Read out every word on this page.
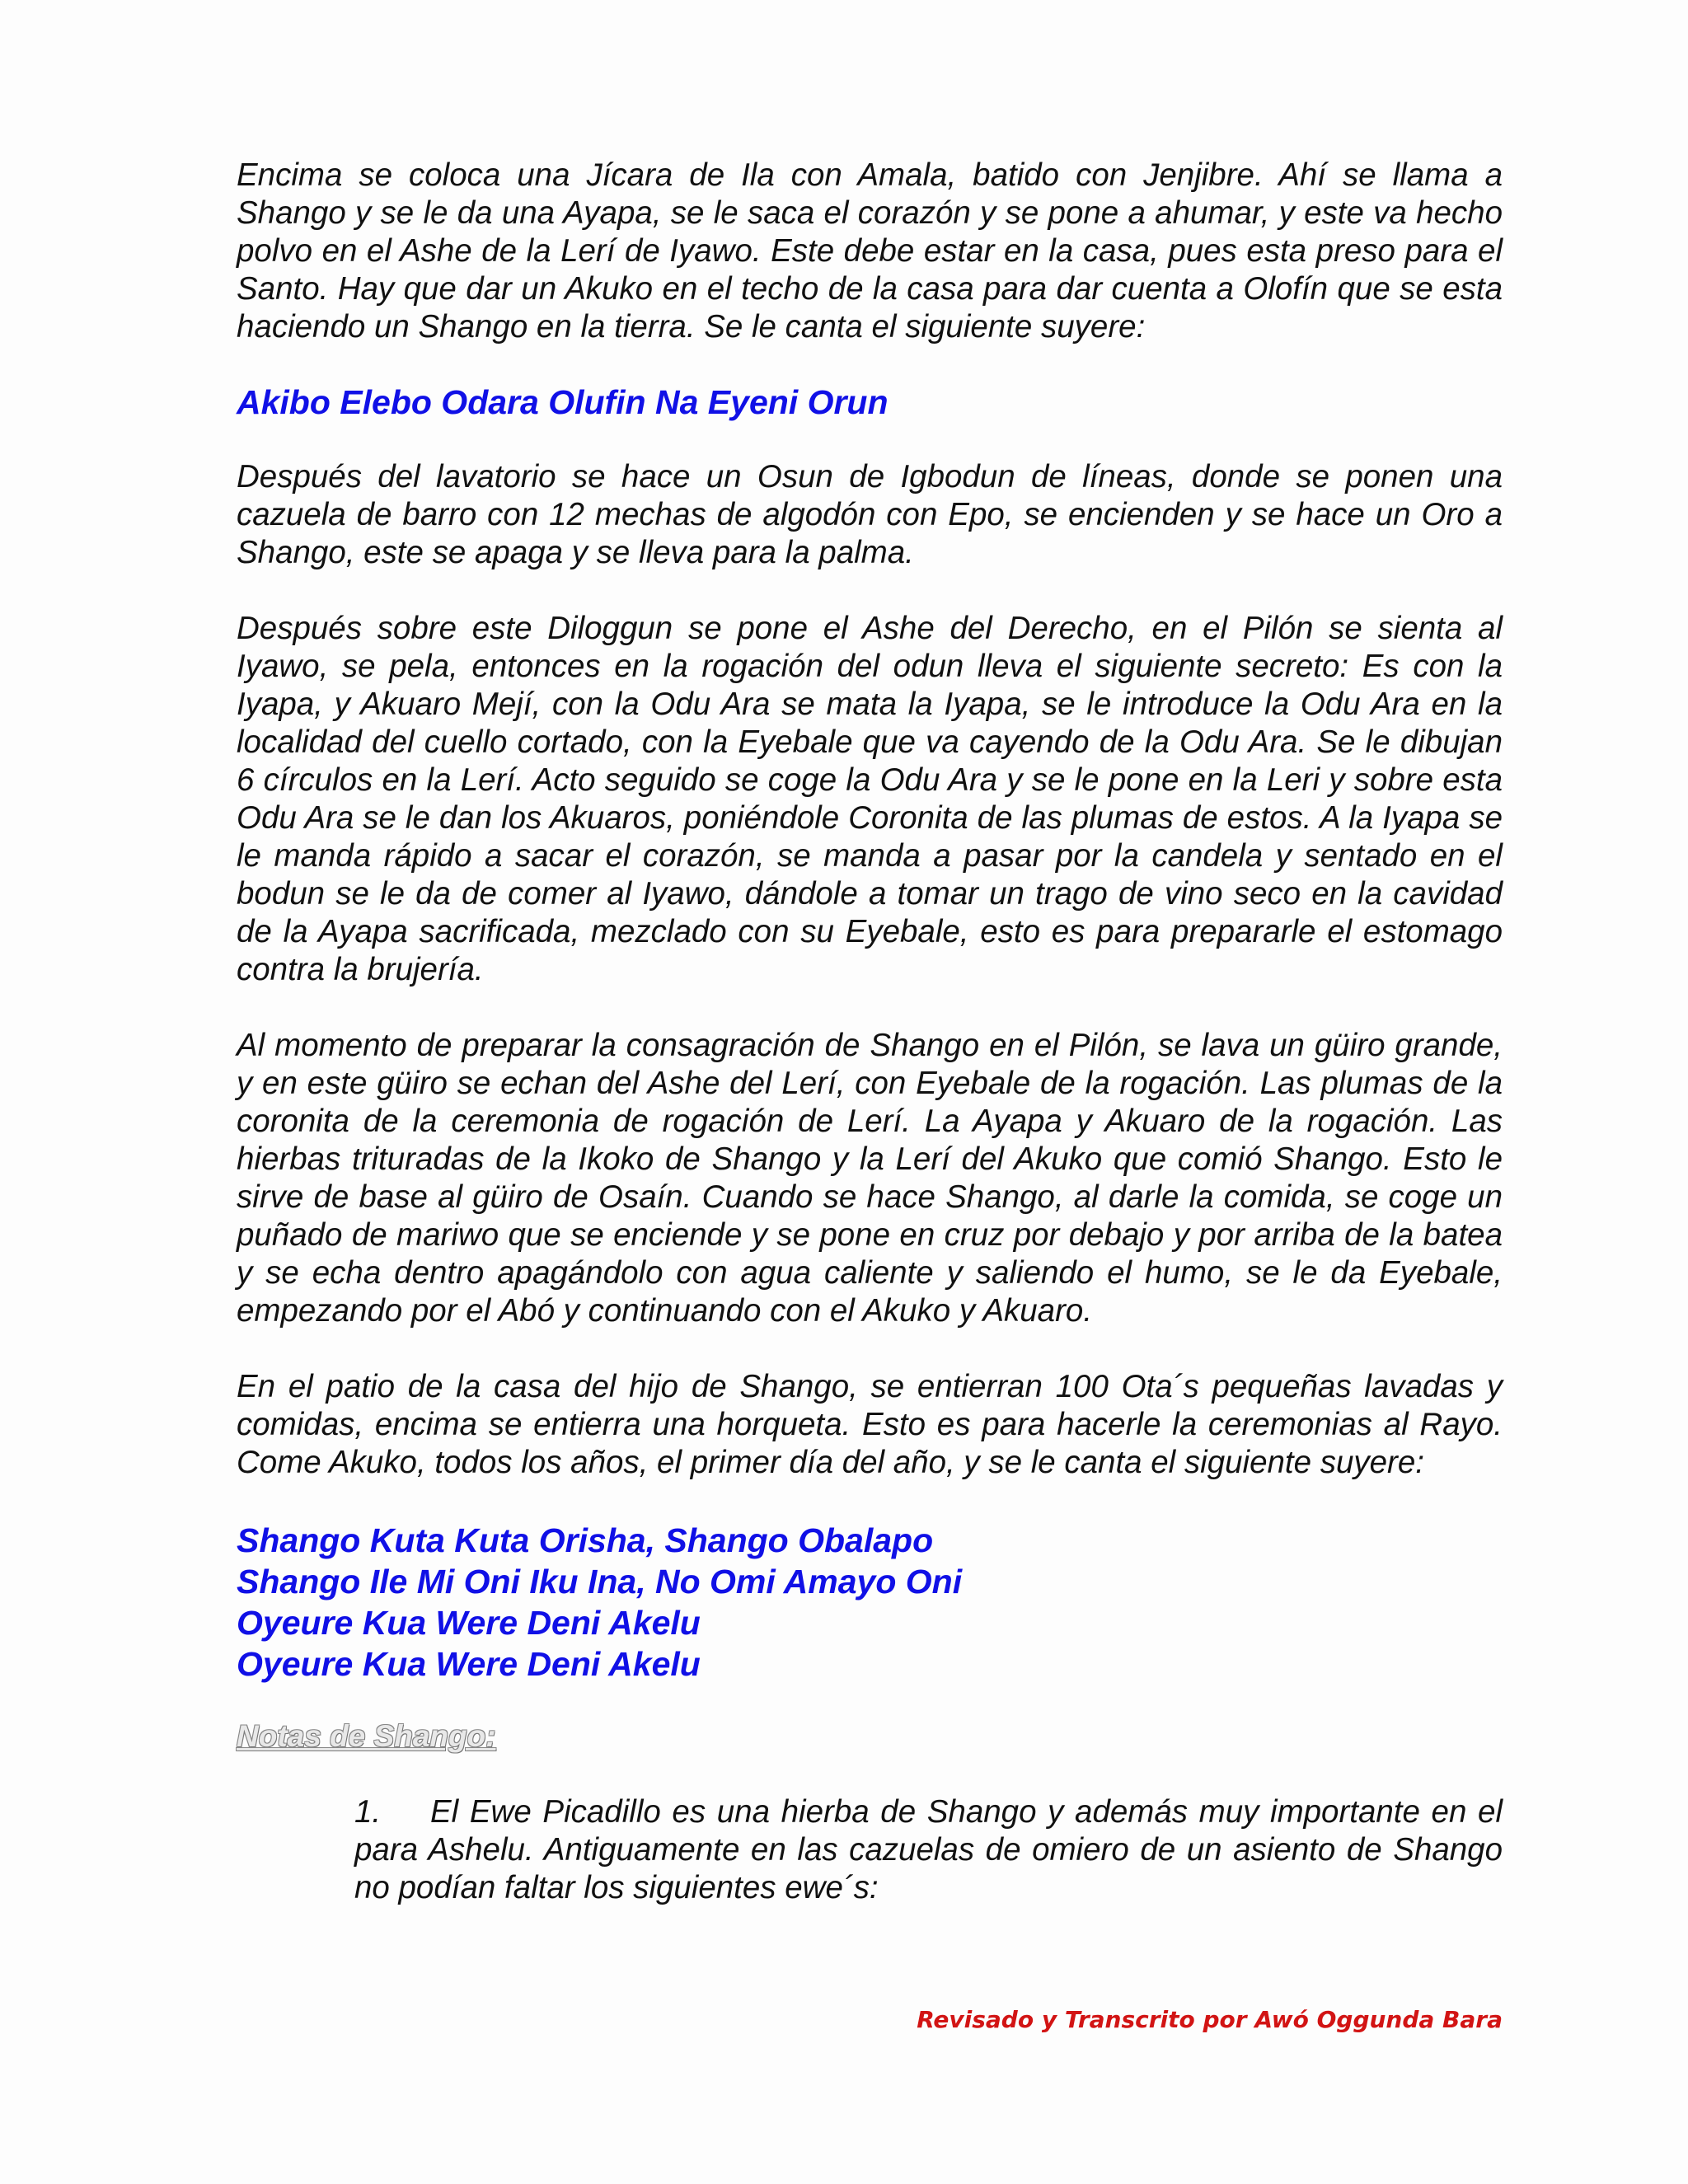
Encima se coloca una Jícara de Ila con Amala, batido con Jenjibre. Ahí se llama a Shango y se le da una Ayapa, se le saca el corazón y se pone a ahumar, y este va hecho polvo en el Ashe de la Lerí de Iyawo. Este debe estar en la casa, pues esta preso para el Santo. Hay que dar un Akuko en el techo de la casa para dar cuenta a Olofín que se esta haciendo un Shango en la tierra. Se le canta el siguiente suyere:

Akibo Elebo Odara Olufin Na Eyeni Orun

Después del lavatorio se hace un Osun de Igbodun de líneas, donde se ponen una cazuela de barro con 12 mechas de algodón con Epo, se encienden y se hace un Oro a Shango, este se apaga y se lleva para la palma.

Después sobre este Diloggun se pone el Ashe del Derecho, en el Pilón se sienta al Iyawo, se pela, entonces en la rogación del odun lleva el siguiente secreto: Es con la Iyapa, y Akuaro Mejí, con la Odu Ara se mata la Iyapa, se le introduce la Odu Ara en la localidad del cuello cortado, con la Eyebale que va cayendo de la Odu Ara. Se le dibujan 6 círculos en la Lerí. Acto seguido se coge la Odu Ara y se le pone en la Leri y sobre esta Odu Ara se le dan los Akuaros, poniéndole Coronita de las plumas de estos. A la Iyapa se le manda rápido a sacar el corazón, se manda a pasar por la candela y sentado en el bodun se le da de comer al Iyawo, dándole a tomar un trago de vino seco en la cavidad de la Ayapa sacrificada, mezclado con su Eyebale, esto es para prepararle el estomago contra la brujería.

Al momento de preparar la consagración de Shango en el Pilón, se lava un güiro grande, y en este güiro se echan del Ashe del Lerí, con Eyebale de la rogación. Las plumas de la coronita de la ceremonia de rogación de Lerí. La Ayapa y Akuaro de la rogación. Las hierbas trituradas de la Ikoko de Shango y la Lerí del Akuko que comió Shango. Esto le sirve de base al güiro de Osaín. Cuando se hace Shango, al darle la comida, se coge un puñado de mariwo que se enciende y se pone en cruz por debajo y por arriba de la batea y se echa dentro apagándolo con agua caliente y saliendo el humo, se le da Eyebale, empezando por el Abó y continuando con el Akuko y Akuaro.

En el patio de la casa del hijo de Shango, se entierran 100 Ota´s pequeñas lavadas y comidas, encima se entierra una horqueta. Esto es para hacerle la ceremonias al Rayo. Come Akuko, todos los años, el primer día del año, y se le canta el siguiente suyere:

Shango Kuta Kuta Orisha, Shango Obalapo

Shango Ile Mi Oni Iku Ina, No Omi Amayo Oni

Oyeure Kua Were Deni Akelu

Oyeure Kua Were Deni Akelu

Notas de Shango:

1.	El Ewe Picadillo es una hierba de Shango y además muy importante en el para Ashelu. Antiguamente en las cazuelas de omiero de un asiento de Shango no podían faltar los siguientes ewe´s:
Revisado y Transcrito por Awó Oggunda Bara
